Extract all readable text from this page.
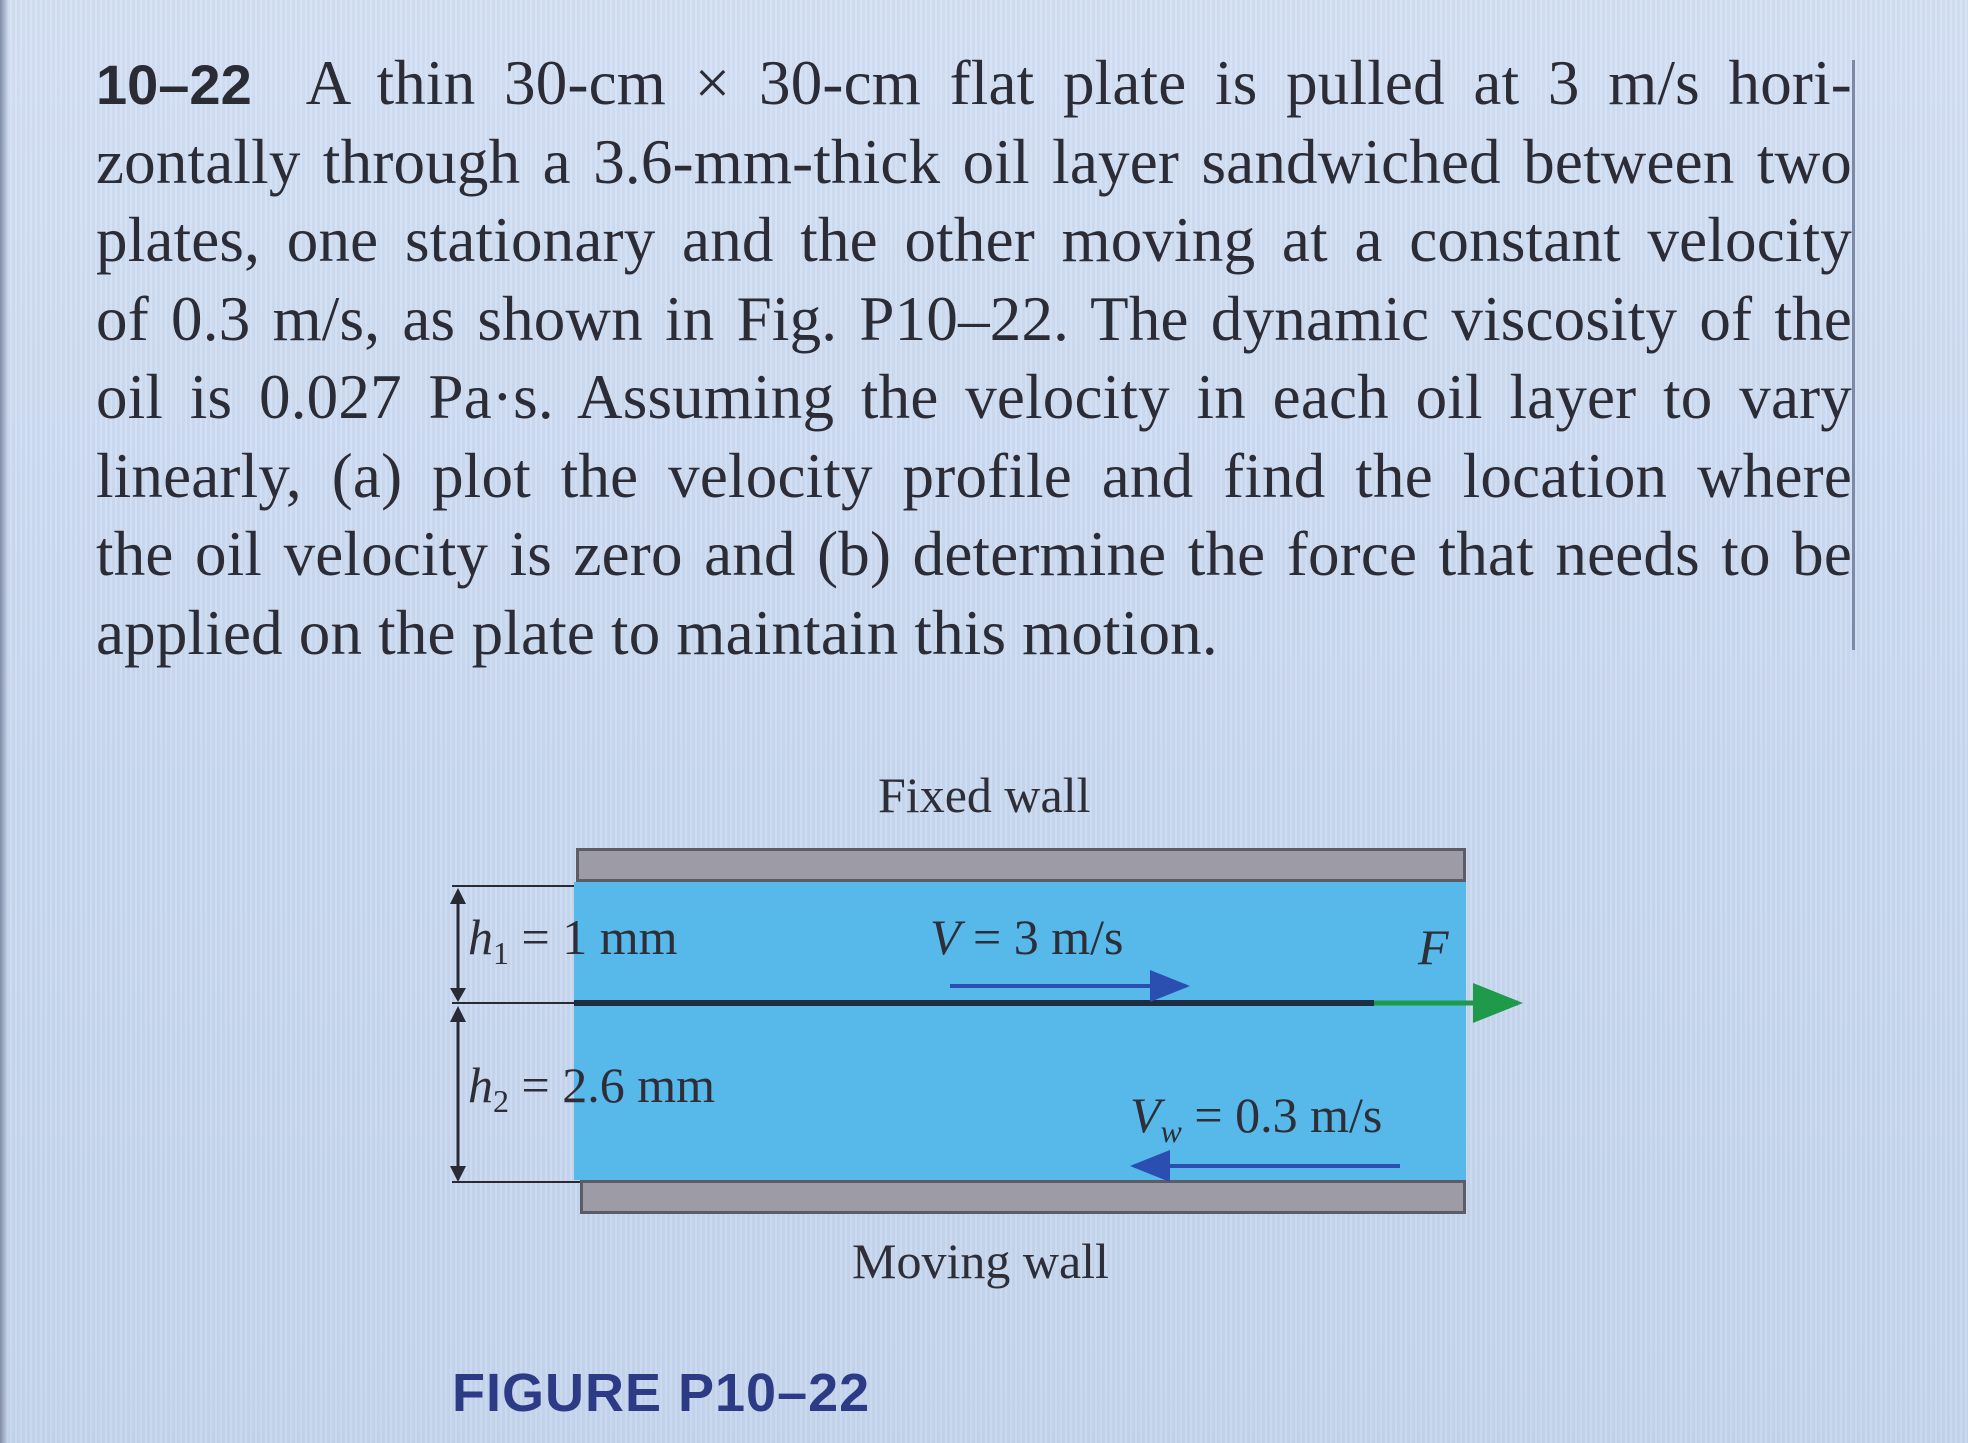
10–22 A thin 30-cm × 30-cm flat plate is pulled at 3 m/s hori-
zontally through a 3.6-mm-thick oil layer sandwiched between two
plates, one stationary and the other moving at a constant velocity
of 0.3 m/s, as shown in Fig. P10–22. The dynamic viscosity of the
oil is 0.027 Pa·s. Assuming the velocity in each oil layer to vary
linearly, (a) plot the velocity profile and find the location where
the oil velocity is zero and (b) determine the force that needs to be
applied on the plate to maintain this motion.
Fixed wall
$h_1 = 1$ mm
$h_2 = 2.6$ mm
V = 3 m/s	F
$V_w = 0.3$ m/s
Moving wall
FIGURE P10–22
